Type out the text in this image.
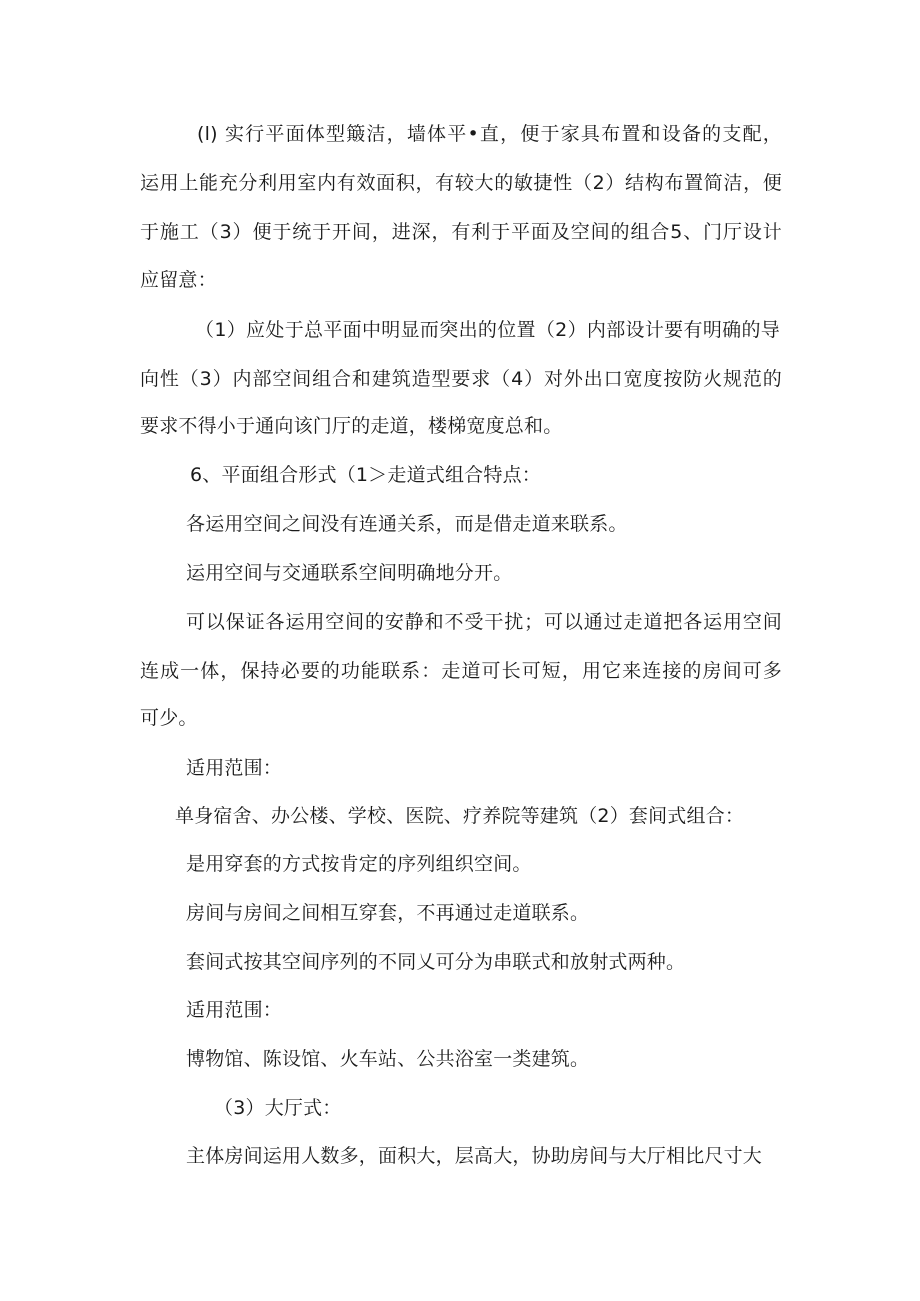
(l) 实行平面体型簸洁，墙体平•直，便于家具布置和设备的支配，
运用上能充分利用室内有效面积，有较大的敏捷性（2）结构布置简洁，便
于施工（3）便于统于开间，进深，有利于平面及空间的组合5、门厅设计
应留意：
（1）应处于总平面中明显而突出的位置（2）内部设计要有明确的导
向性（3）内部空间组合和建筑造型要求（4）对外出口宽度按防火规范的
要求不得小于通向该门厅的走道，楼梯宽度总和。
6、平面组合形式（1＞走道式组合特点：
各运用空间之间没有连通关系，而是借走道来联系。
运用空间与交通联系空间明确地分开。
可以保证各运用空间的安静和不受干扰；可以通过走道把各运用空间
连成一体，保持必要的功能联系：走道可长可短，用它来连接的房间可多
可少。
适用范围：
单身宿舍、办公楼、学校、医院、疗养院等建筑（2）套间式组合：
是用穿套的方式按肯定的序列组织空间。
房间与房间之间相互穿套，不再通过走道联系。
套间式按其空间序列的不同乂可分为串联式和放射式两种。
适用范围：
博物馆、陈设馆、火车站、公共浴室一类建筑。
（3）大厅式：
主体房间运用人数多，面积大，层高大，协助房间与大厅相比尺寸大
